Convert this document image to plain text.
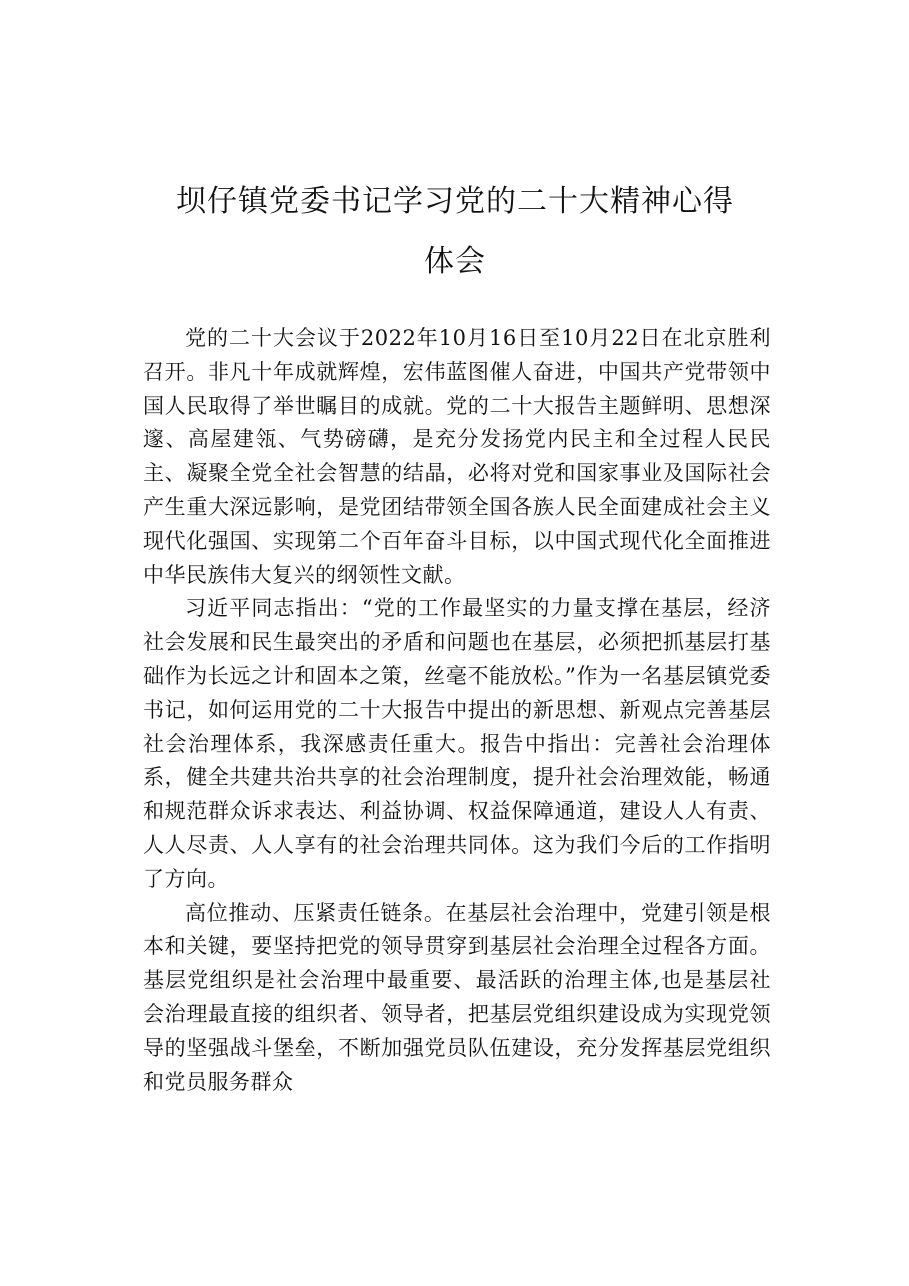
坝仔镇党委书记学习党的二十大精神心得
体会

党的二十大会议于2022年10月16日至10月22日在北京胜利召开。非凡十年成就辉煌，宏伟蓝图催人奋进，中国共产党带领中国人民取得了举世瞩目的成就。党的二十大报告主题鲜明、思想深邃、高屋建瓴、气势磅礴，是充分发扬党内民主和全过程人民民主、凝聚全党全社会智慧的结晶，必将对党和国家事业及国际社会产生重大深远影响，是党团结带领全国各族人民全面建成社会主义现代化强国、实现第二个百年奋斗目标，以中国式现代化全面推进中华民族伟大复兴的纲领性文献。

习近平同志指出：“党的工作最坚实的力量支撑在基层，经济社会发展和民生最突出的矛盾和问题也在基层，必须把抓基层打基础作为长远之计和固本之策，丝毫不能放松。”作为一名基层镇党委书记，如何运用党的二十大报告中提出的新思想、新观点完善基层社会治理体系，我深感责任重大。报告中指出：完善社会治理体系，健全共建共治共享的社会治理制度，提升社会治理效能，畅通和规范群众诉求表达、利益协调、权益保障通道，建设人人有责、人人尽责、人人享有的社会治理共同体。这为我们今后的工作指明了方向。

高位推动、压紧责任链条。在基层社会治理中，党建引领是根本和关键，要坚持把党的领导贯穿到基层社会治理全过程各方面。基层党组织是社会治理中最重要、最活跃的治理主体,也是基层社会治理最直接的组织者、领导者，把基层党组织建设成为实现党领导的坚强战斗堡垒，不断加强党员队伍建设，充分发挥基层党组织和党员服务群众
